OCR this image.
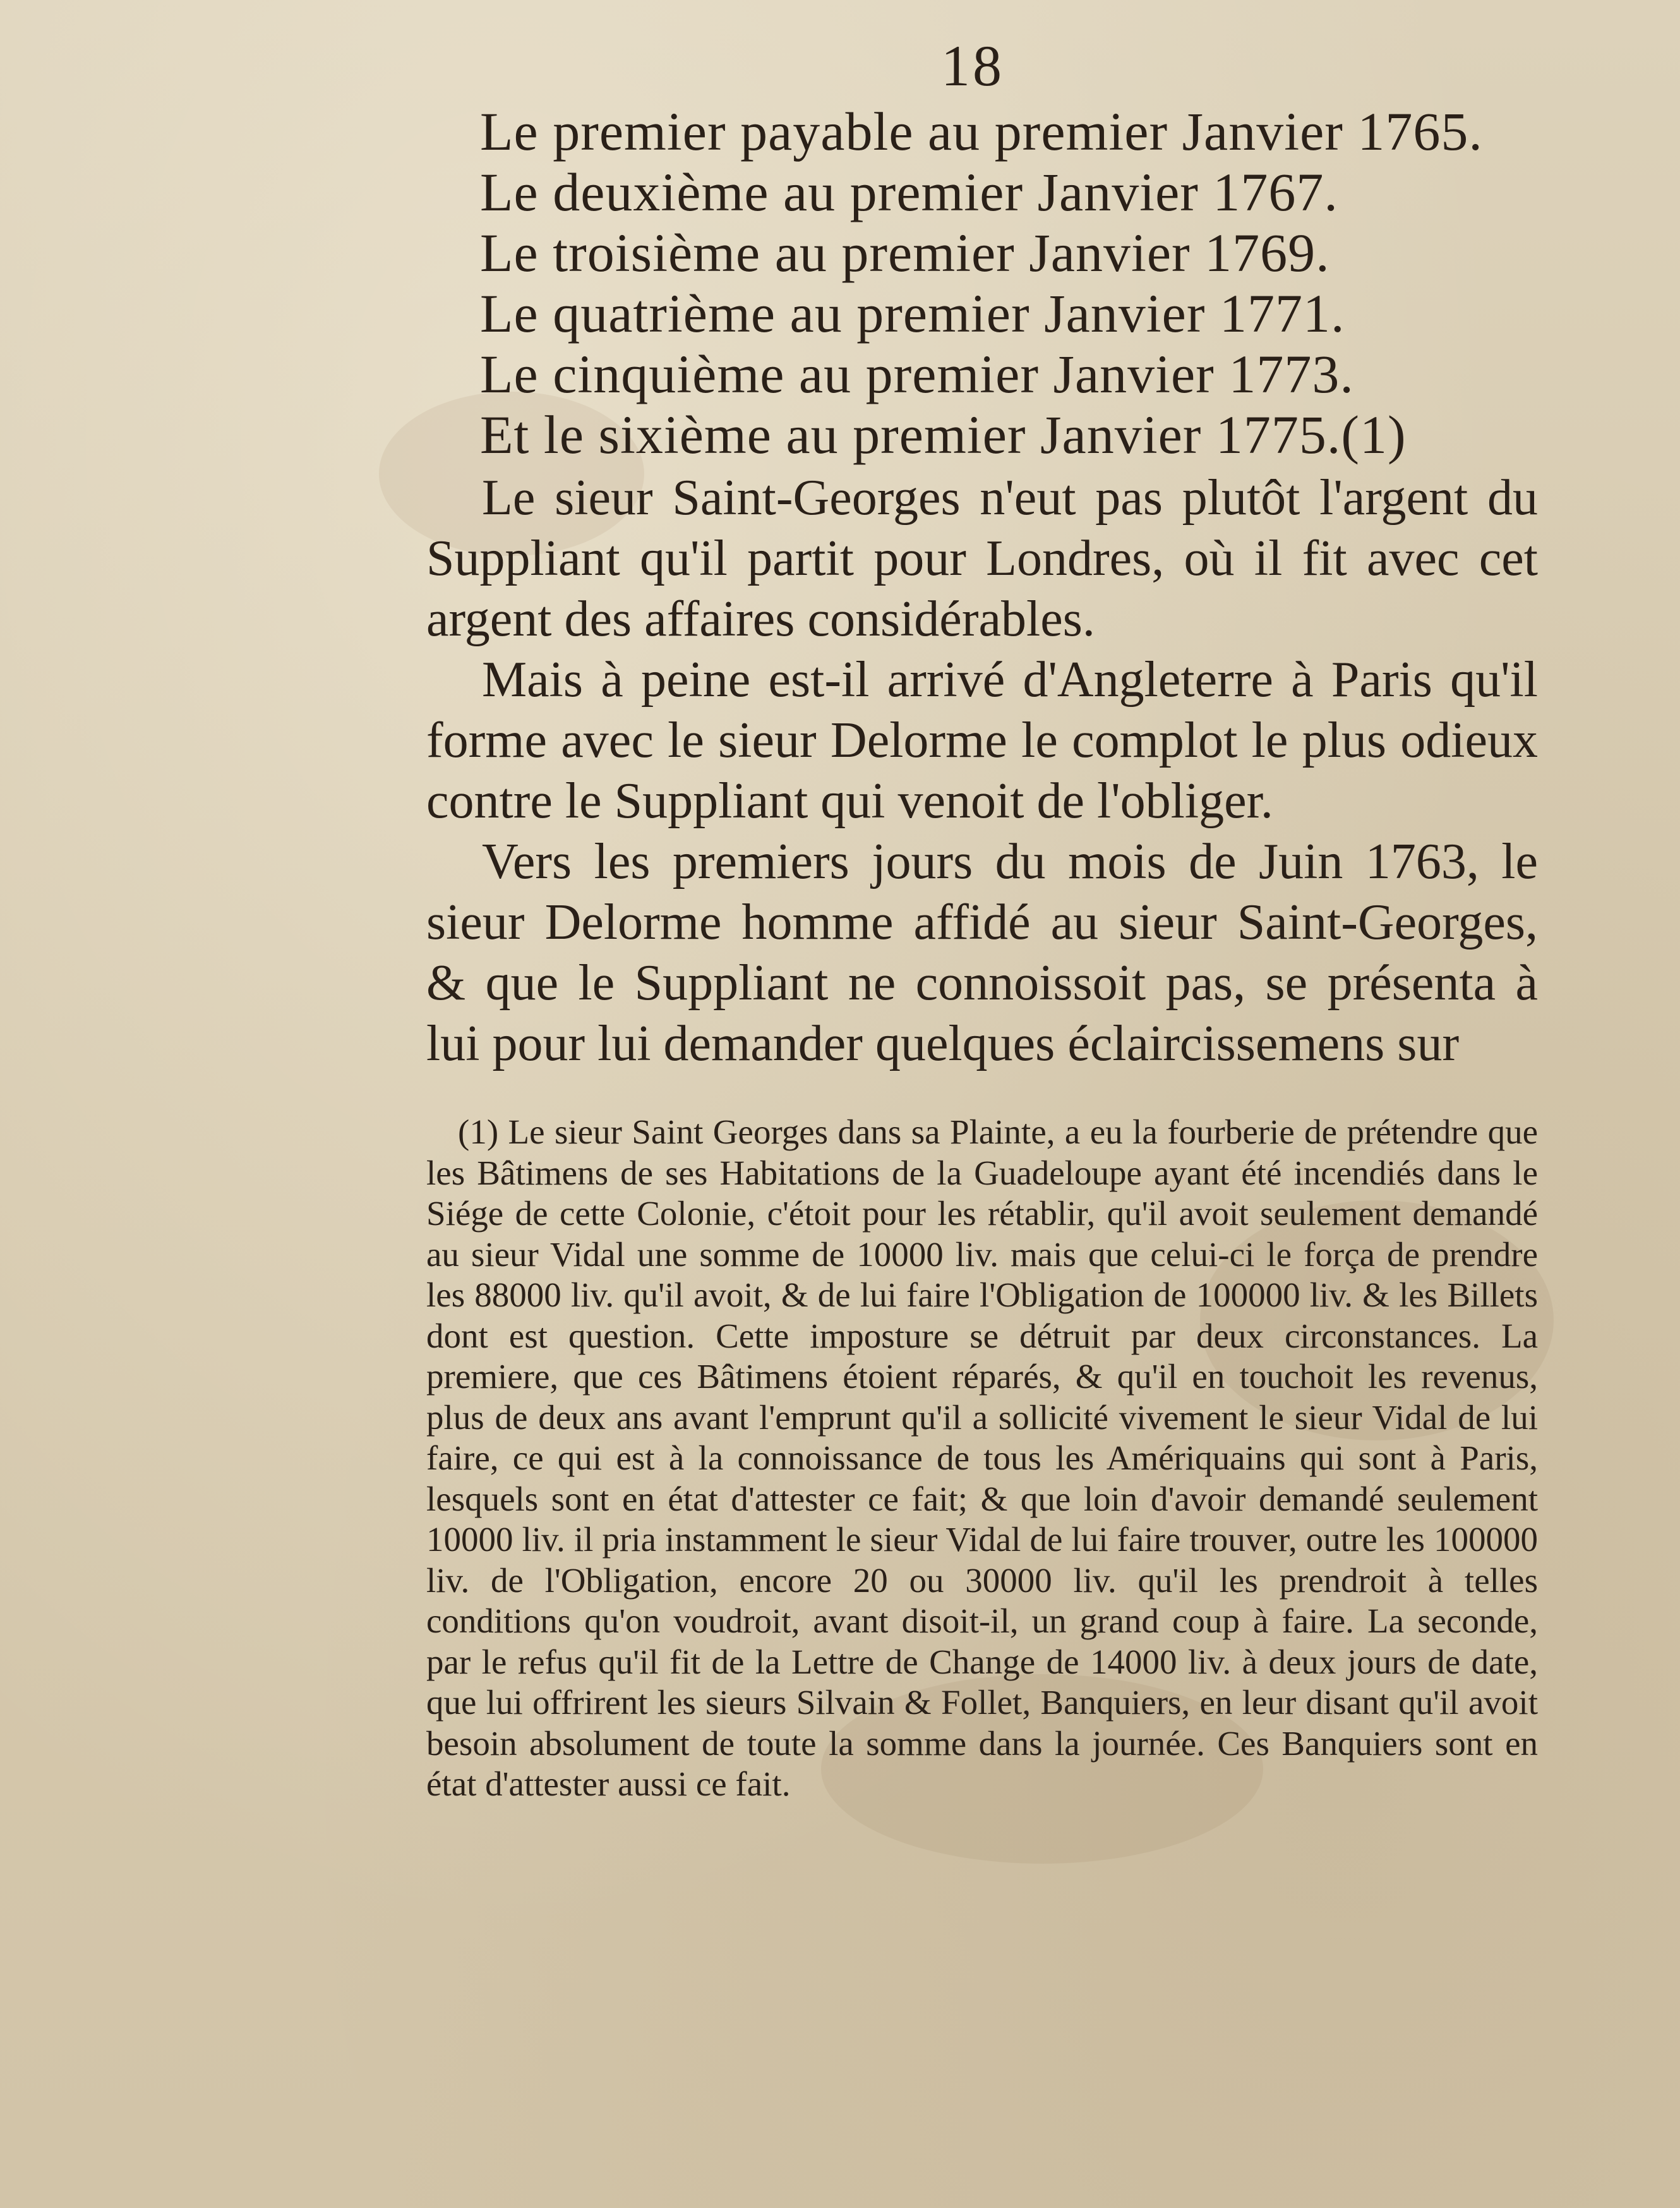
18
Le premier payable au premier Janvier 1765.
Le deuxième au premier Janvier 1767.
Le troisième au premier Janvier 1769.
Le quatrième au premier Janvier 1771.
Le cinquième au premier Janvier 1773.
Et le sixième au premier Janvier 1775.(1)

Le sieur Saint-Georges n'eut pas plutôt l'argent du Suppliant qu'il partit pour Londres, où il fit avec cet argent des affaires considérables.

Mais à peine est-il arrivé d'Angleterre à Paris qu'il forme avec le sieur Delorme le complot le plus odieux contre le Suppliant qui venoit de l'obliger.

Vers les premiers jours du mois de Juin 1763, le sieur Delorme homme affidé au sieur Saint-Georges, & que le Suppliant ne connoissoit pas, se présenta à lui pour lui demander quelques éclaircissemens sur

(1) Le sieur Saint Georges dans sa Plainte, a eu la fourberie de prétendre que les Bâtimens de ses Habitations de la Guadeloupe ayant été incendiés dans le Siége de cette Colonie, c'étoit pour les rétablir, qu'il avoit seulement demandé au sieur Vidal une somme de 10000 liv. mais que celui-ci le força de prendre les 88000 liv. qu'il avoit, & de lui faire l'Obligation de 100000 liv. & les Billets dont est question. Cette imposture se détruit par deux circonstances. La premiere, que ces Bâtimens étoient réparés, & qu'il en touchoit les revenus, plus de deux ans avant l'emprunt qu'il a sollicité vivement le sieur Vidal de lui faire, ce qui est à la connoissance de tous les Amériquains qui sont à Paris, lesquels sont en état d'attester ce fait; & que loin d'avoir demandé seulement 10000 liv. il pria instamment le sieur Vidal de lui faire trouver, outre les 100000 liv. de l'Obligation, encore 20 ou 30000 liv. qu'il les prendroit à telles conditions qu'on voudroit, avant disoit-il, un grand coup à faire. La seconde, par le refus qu'il fit de la Lettre de Change de 14000 liv. à deux jours de date, que lui offrirent les sieurs Silvain & Follet, Banquiers, en leur disant qu'il avoit besoin absolument de toute la somme dans la journée. Ces Banquiers sont en état d'attester aussi ce fait.
